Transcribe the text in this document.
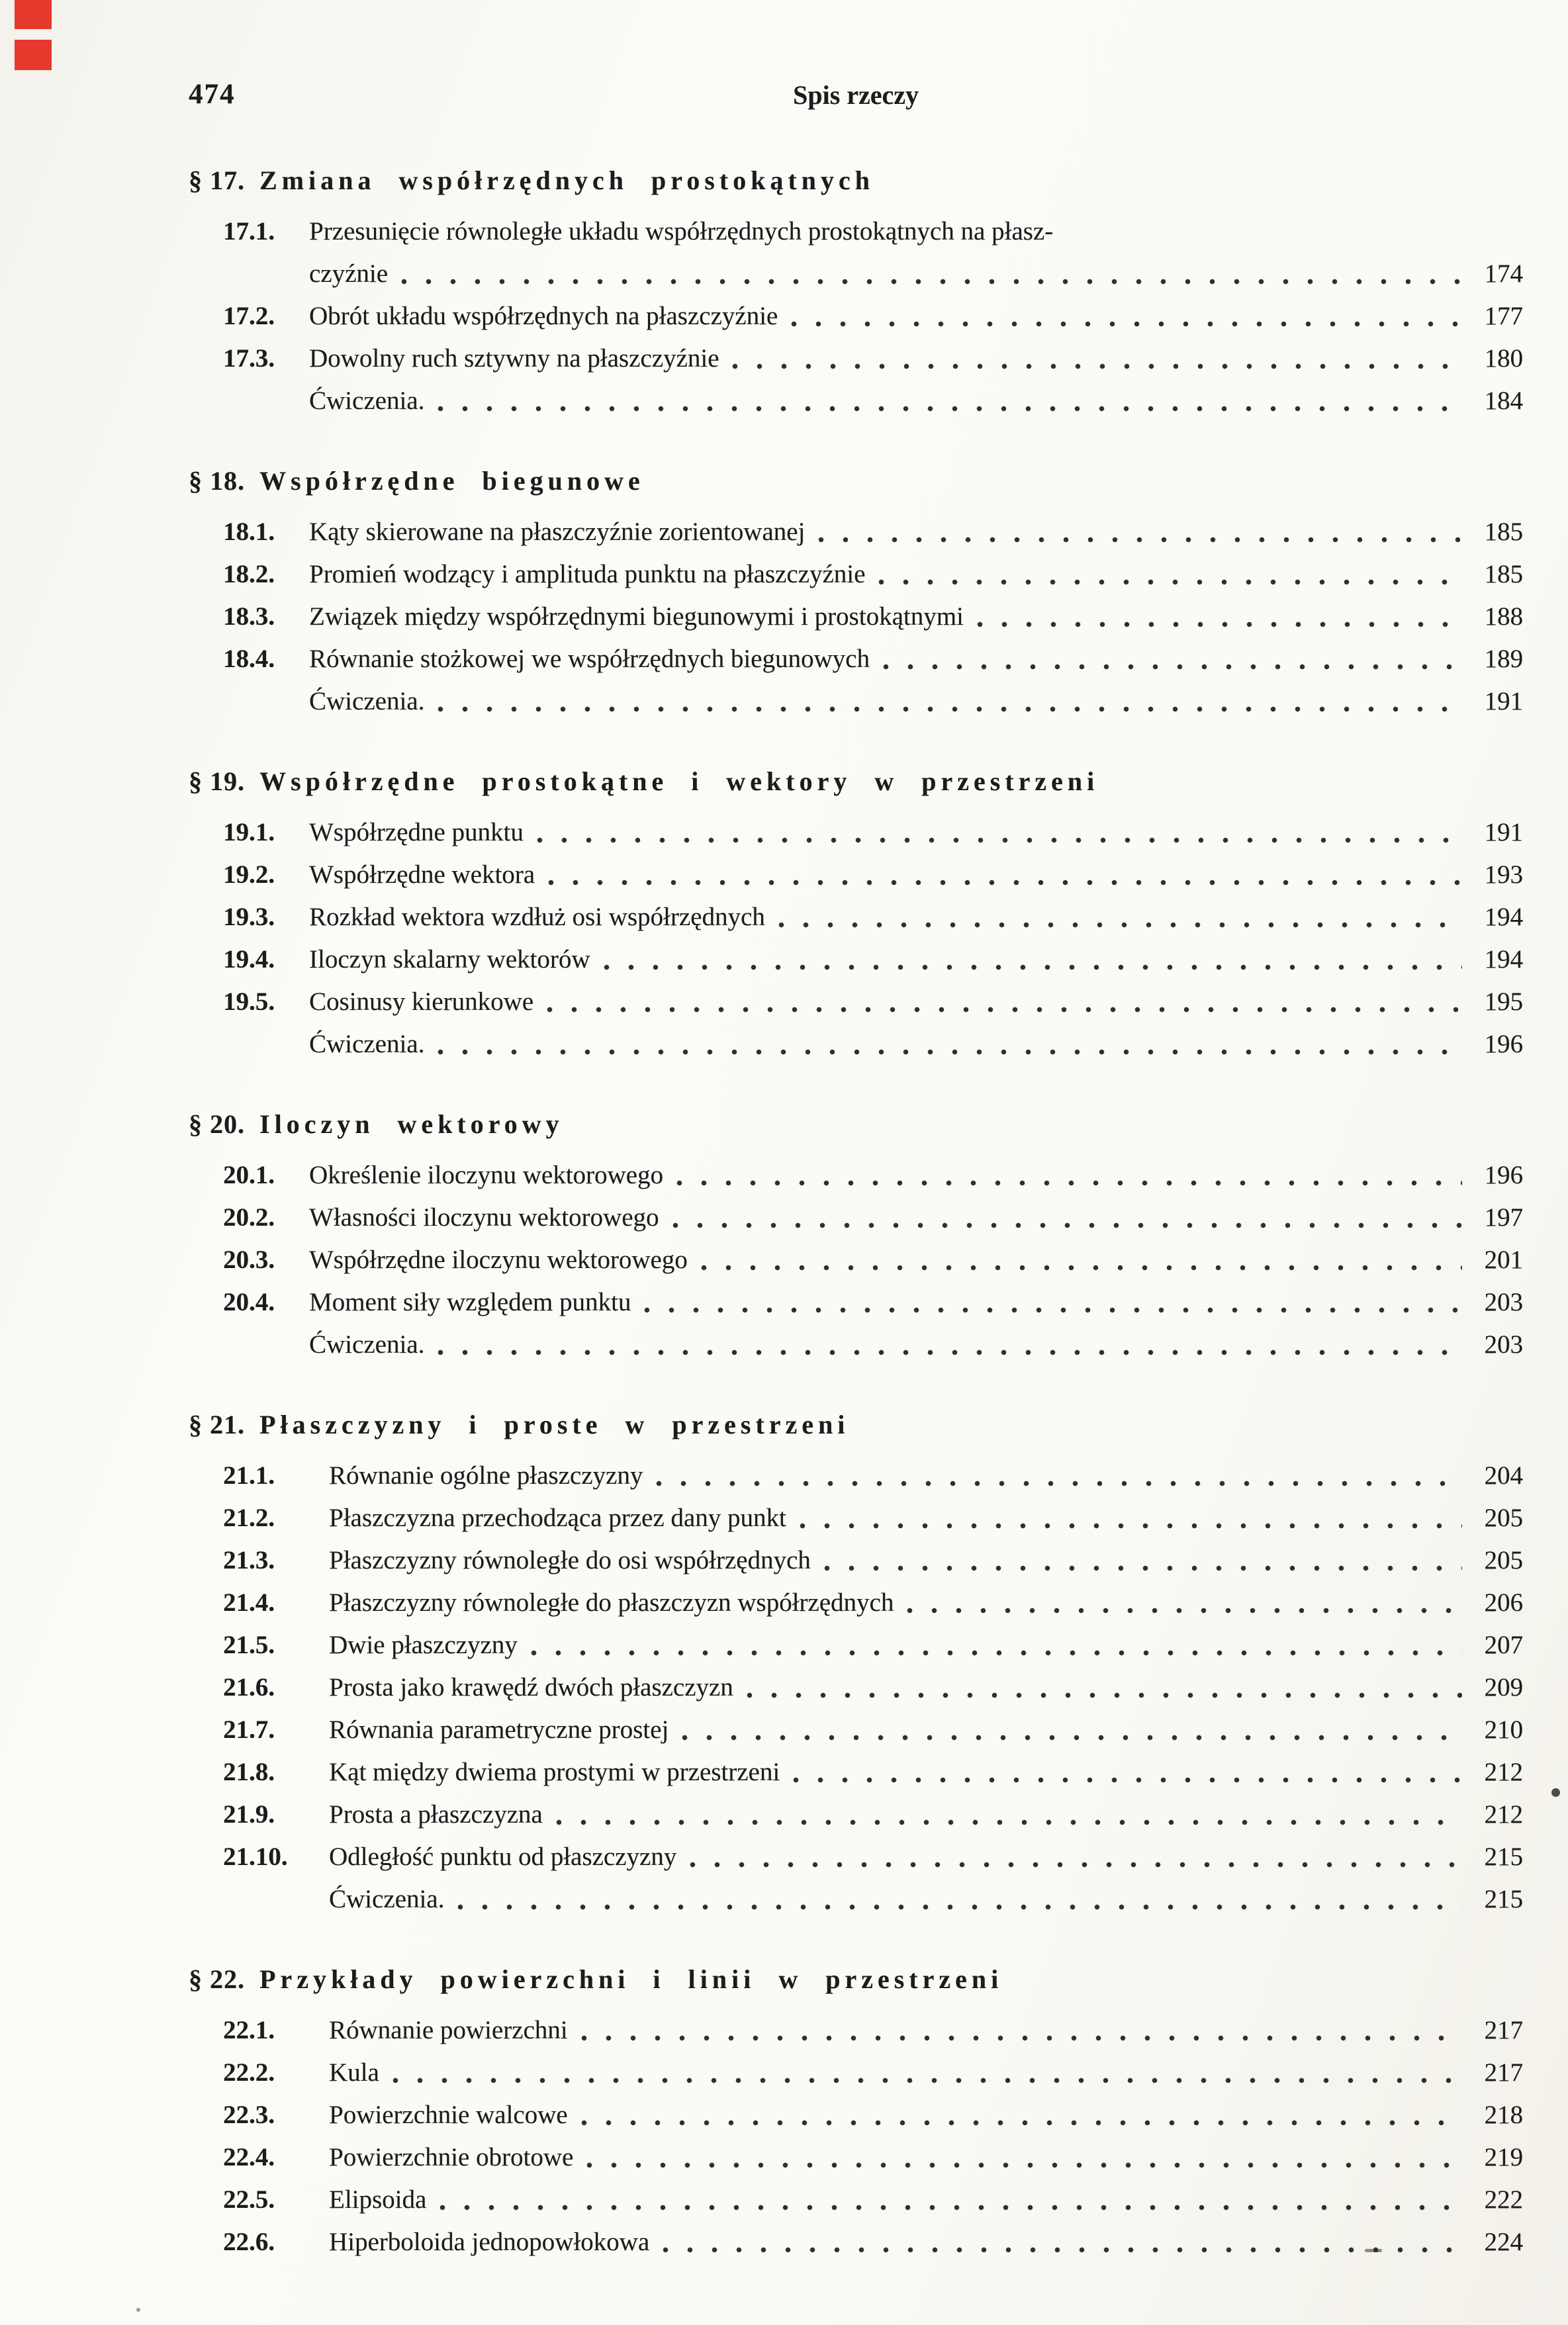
474	Spis rzeczy
§ 17. Zmiana współrzędnych prostokątnych
17.1.	Przesunięcie równoległe układu współrzędnych prostokątnych na płasz-
czyźnie	174
17.2.	Obrót układu współrzędnych na płaszczyźnie	177
17.3.	Dowolny ruch sztywny na płaszczyźnie	180
Ćwiczenia.	184
§ 18. Współrzędne biegunowe
18.1.	Kąty skierowane na płaszczyźnie zorientowanej	185
18.2.	Promień wodzący i amplituda punktu na płaszczyźnie	185
18.3.	Związek między współrzędnymi biegunowymi i prostokątnymi	188
18.4.	Równanie stożkowej we współrzędnych biegunowych	189
Ćwiczenia.	191
§ 19. Współrzędne prostokątne i wektory w przestrzeni
19.1.	Współrzędne punktu	191
19.2.	Współrzędne wektora	193
19.3.	Rozkład wektora wzdłuż osi współrzędnych	194
19.4.	Iloczyn skalarny wektorów	194
19.5.	Cosinusy kierunkowe	195
Ćwiczenia.	196
§ 20. Iloczyn wektorowy
20.1.	Określenie iloczynu wektorowego	196
20.2.	Własności iloczynu wektorowego	197
20.3.	Współrzędne iloczynu wektorowego	201
20.4.	Moment siły względem punktu	203
Ćwiczenia.	203
§ 21. Płaszczyzny i proste w przestrzeni
21.1.	Równanie ogólne płaszczyzny	204
21.2.	Płaszczyzna przechodząca przez dany punkt	205
21.3.	Płaszczyzny równoległe do osi współrzędnych	205
21.4.	Płaszczyzny równoległe do płaszczyzn współrzędnych	206
21.5.	Dwie płaszczyzny	207
21.6.	Prosta jako krawędź dwóch płaszczyzn	209
21.7.	Równania parametryczne prostej	210
21.8.	Kąt między dwiema prostymi w przestrzeni	212
21.9.	Prosta a płaszczyzna	212
21.10.	Odległość punktu od płaszczyzny	215
Ćwiczenia.	215
§ 22. Przykłady powierzchni i linii w przestrzeni
22.1.	Równanie powierzchni	217
22.2.	Kula	217
22.3.	Powierzchnie walcowe	218
22.4.	Powierzchnie obrotowe	219
22.5.	Elipsoida	222
22.6.	Hiperboloida jednopowłokowa	224
